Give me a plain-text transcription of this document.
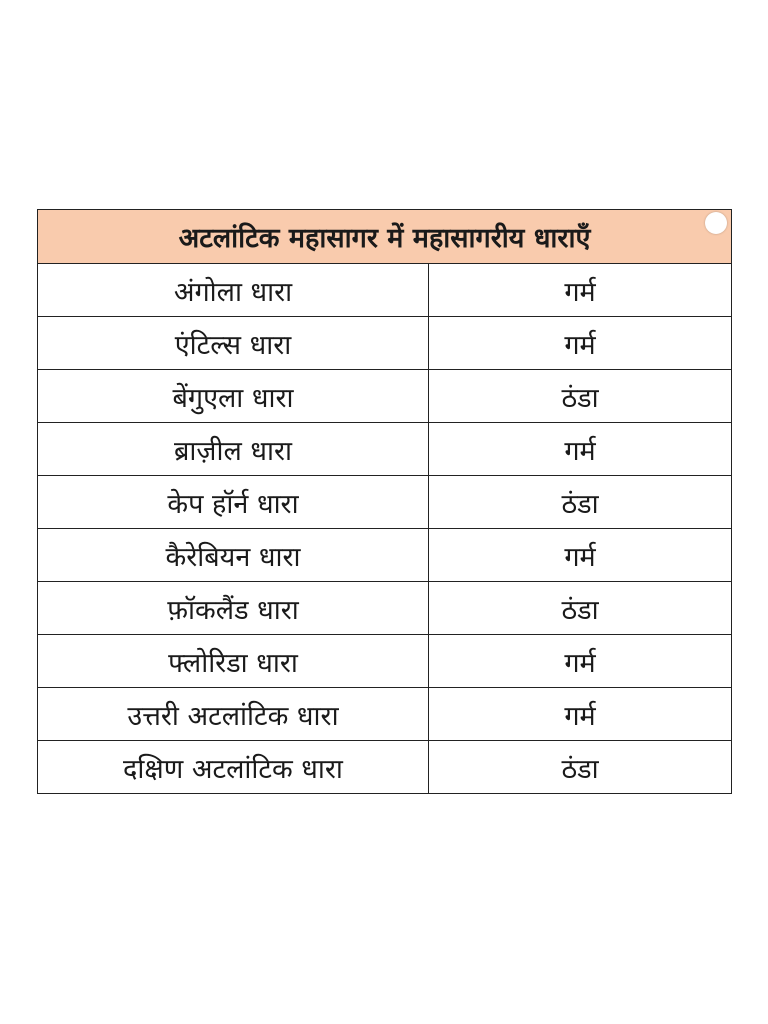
अटलांटिक महासागर में महासागरीय धाराएँ	
अंगोला धारा	गर्म
एंटिल्स धारा	गर्म
बेंगुएला धारा	ठंडा
ब्राज़ील धारा	गर्म
केप हॉर्न धारा	ठंडा
कैरेबियन धारा	गर्म
फ़ॉकलैंड धारा	ठंडा
फ्लोरिडा धारा	गर्म
उत्तरी अटलांटिक धारा	गर्म
दक्षिण अटलांटिक धारा	ठंडा
